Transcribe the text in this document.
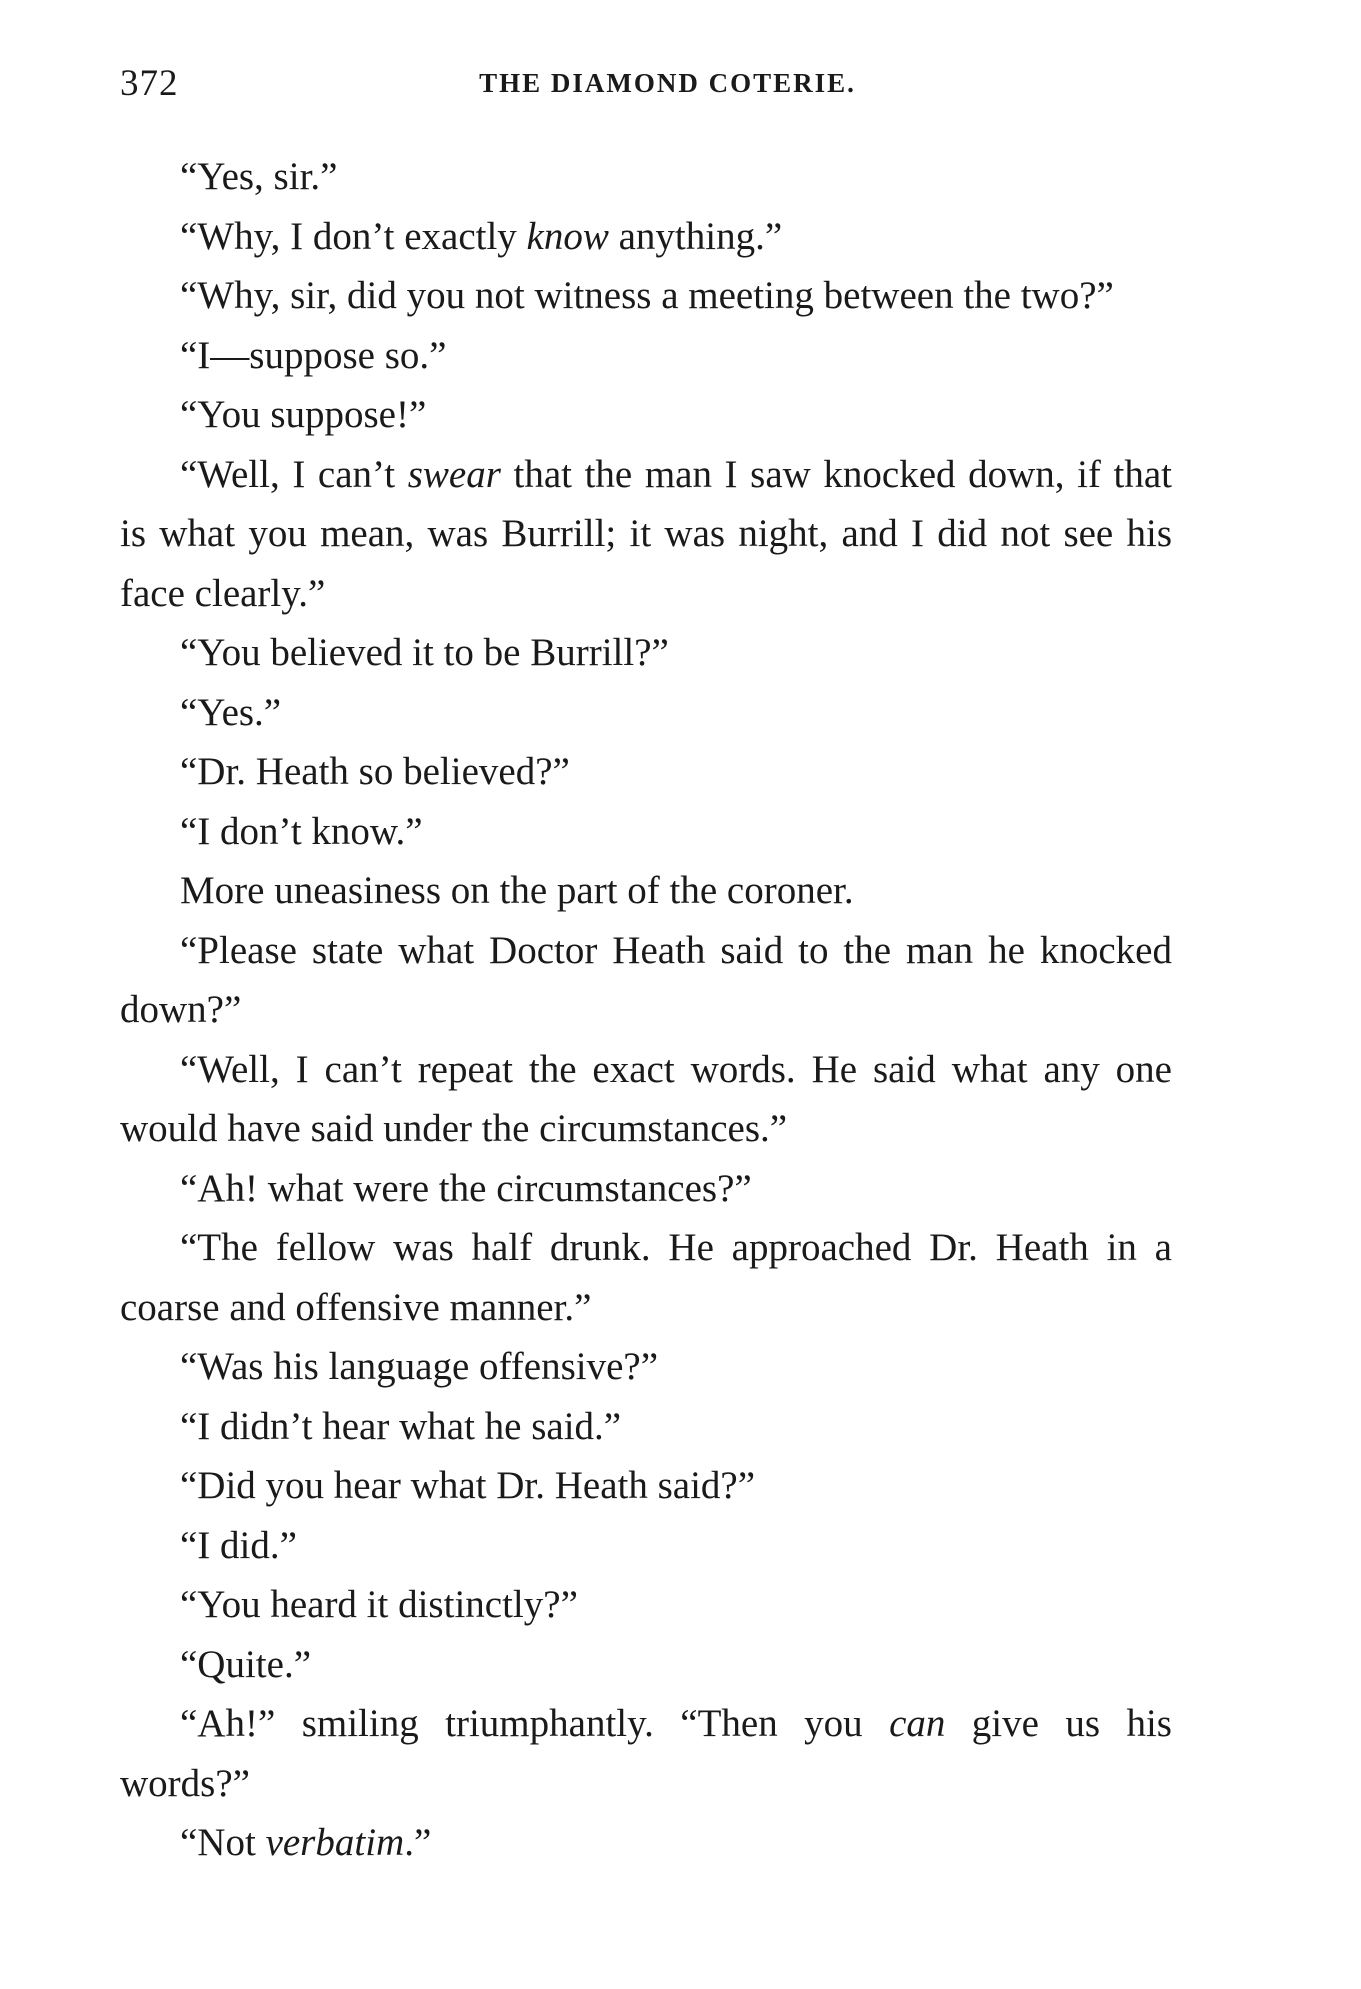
372	THE DIAMOND COTERIE.

“Yes, sir.”

“Why, I don’t exactly know anything.”

“Why, sir, did you not witness a meeting between the two?”

“I—suppose so.”

“You suppose!”

“Well, I can’t swear that the man I saw knocked down, if that is what you mean, was Burrill; it was night, and I did not see his face clearly.”

“You believed it to be Burrill?”

“Yes.”

“Dr. Heath so believed?”

“I don’t know.”

More uneasiness on the part of the coroner.

“Please state what Doctor Heath said to the man he knocked down?”

“Well, I can’t repeat the exact words. He said what any one would have said under the circumstances.”

“Ah! what were the circumstances?”

“The fellow was half drunk. He approached Dr. Heath in a coarse and offensive manner.”

“Was his language offensive?”

“I didn’t hear what he said.”

“Did you hear what Dr. Heath said?”

“I did.”

“You heard it distinctly?”

“Quite.”

“Ah!” smiling triumphantly. “Then you can give us his words?”

“Not verbatim.”
